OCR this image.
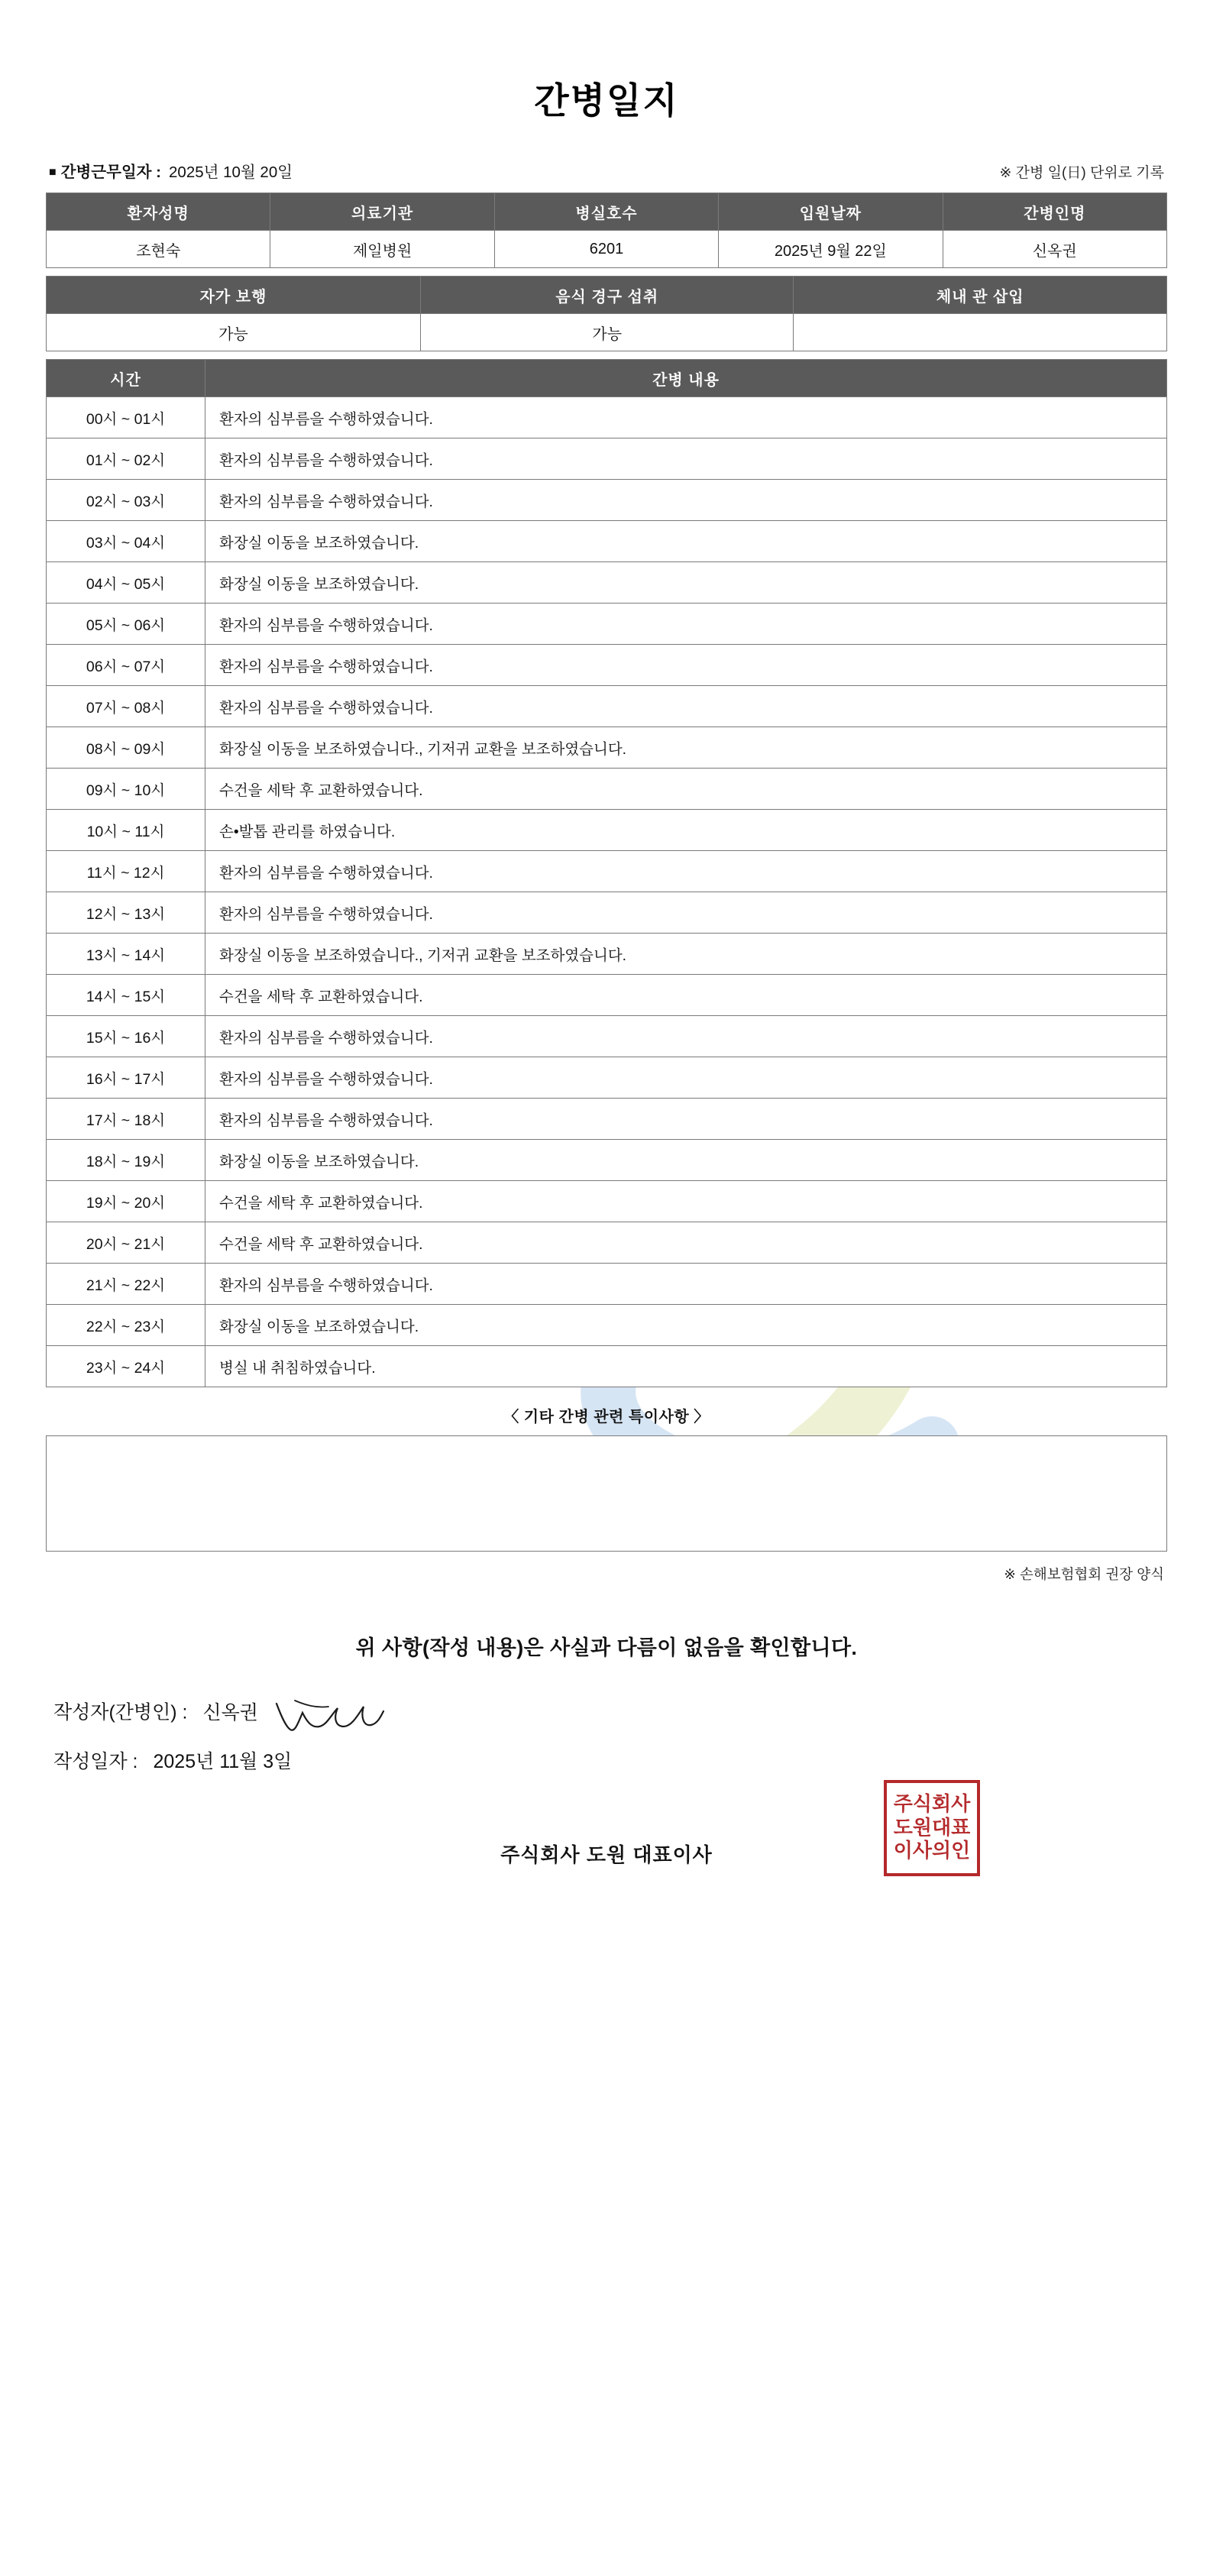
간병일지
■ 간병근무일자 : 2025년 10월 20일	※ 간병 일(日) 단위로 기록
환자성명	의료기관	병실호수	입원날짜	간병인명
조현숙	제일병원	6201	2025년 9월 22일	신옥권
자가 보행	음식 경구 섭취	체내 관 삽입
가능	가능	
시간	간병 내용
00시 ~ 01시	환자의 심부름을 수행하였습니다.
01시 ~ 02시	환자의 심부름을 수행하였습니다.
02시 ~ 03시	환자의 심부름을 수행하였습니다.
03시 ~ 04시	화장실 이동을 보조하였습니다.
04시 ~ 05시	화장실 이동을 보조하였습니다.
05시 ~ 06시	환자의 심부름을 수행하였습니다.
06시 ~ 07시	환자의 심부름을 수행하였습니다.
07시 ~ 08시	환자의 심부름을 수행하였습니다.
08시 ~ 09시	화장실 이동을 보조하였습니다., 기저귀 교환을 보조하였습니다.
09시 ~ 10시	수건을 세탁 후 교환하였습니다.
10시 ~ 11시	손•발톱 관리를 하였습니다.
11시 ~ 12시	환자의 심부름을 수행하였습니다.
12시 ~ 13시	환자의 심부름을 수행하였습니다.
13시 ~ 14시	화장실 이동을 보조하였습니다., 기저귀 교환을 보조하였습니다.
14시 ~ 15시	수건을 세탁 후 교환하였습니다.
15시 ~ 16시	환자의 심부름을 수행하였습니다.
16시 ~ 17시	환자의 심부름을 수행하였습니다.
17시 ~ 18시	환자의 심부름을 수행하였습니다.
18시 ~ 19시	화장실 이동을 보조하였습니다.
19시 ~ 20시	수건을 세탁 후 교환하였습니다.
20시 ~ 21시	수건을 세탁 후 교환하였습니다.
21시 ~ 22시	환자의 심부름을 수행하였습니다.
22시 ~ 23시	화장실 이동을 보조하였습니다.
23시 ~ 24시	병실 내 취침하였습니다.
〈 기타 간병 관련 특이사항 〉
※ 손해보험협회 권장 양식
위 사항(작성 내용)은 사실과 다름이 없음을 확인합니다.
작성자(간병인) : 신옥권
작성일자 : 2025년 11월 3일
주식회사 도원 대표이사
주식회사
도원대표
이사의인
